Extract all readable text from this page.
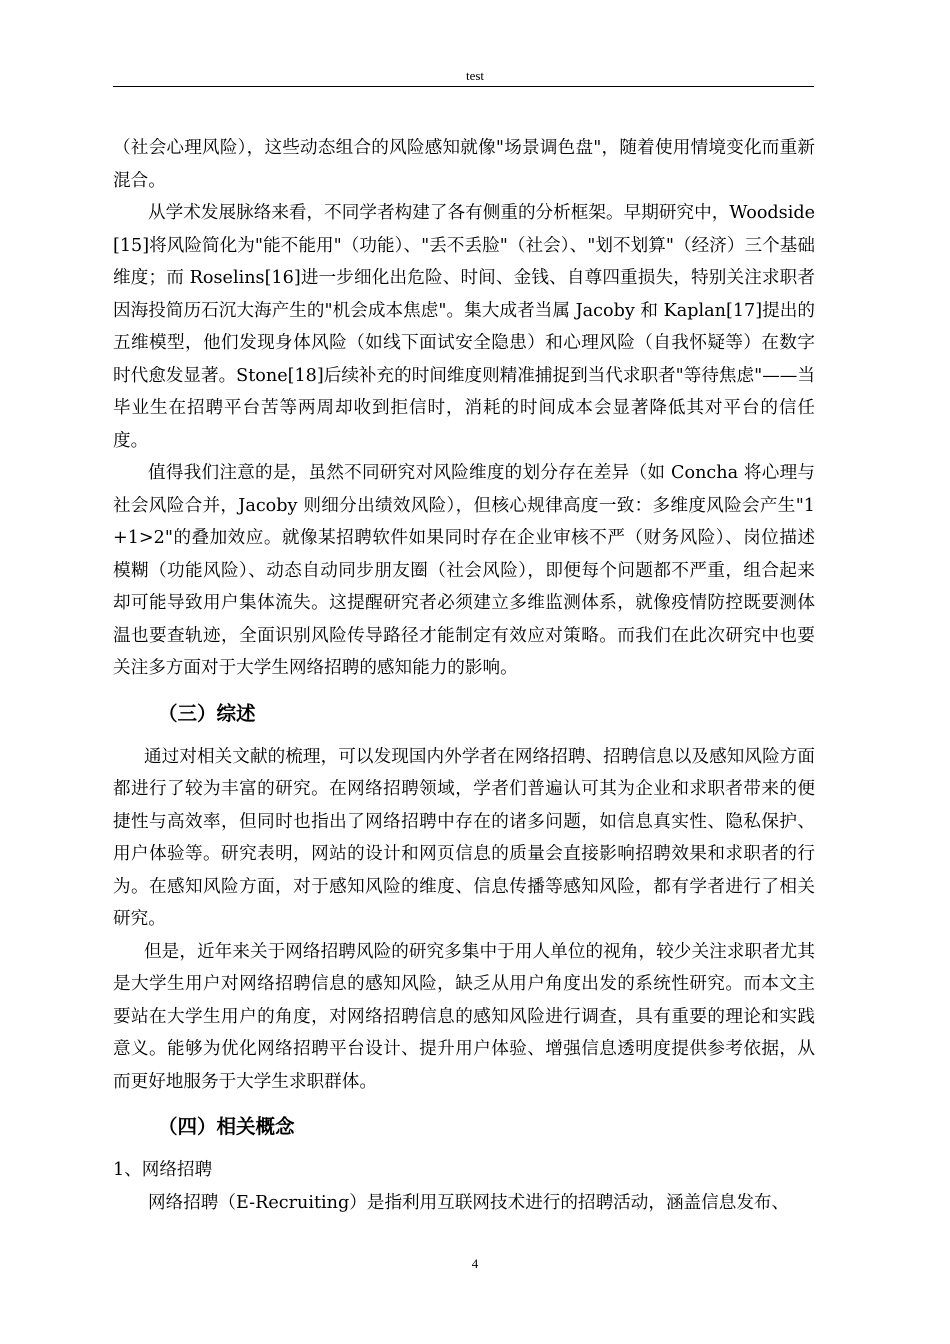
test

（社会心理风险），这些动态组合的风险感知就像"场景调色盘"，随着使用情境变化而重新混合。

从学术发展脉络来看，不同学者构建了各有侧重的分析框架。早期研究中，Woodside[15]将风险简化为"能不能用"（功能）、"丢不丢脸"（社会）、"划不划算"（经济）三个基础维度；而 Roselins[16]进一步细化出危险、时间、金钱、自尊四重损失，特别关注求职者因海投简历石沉大海产生的"机会成本焦虑"。集大成者当属 Jacoby 和 Kaplan[17]提出的五维模型，他们发现身体风险（如线下面试安全隐患）和心理风险（自我怀疑等）在数字时代愈发显著。Stone[18]后续补充的时间维度则精准捕捉到当代求职者"等待焦虑"——当毕业生在招聘平台苦等两周却收到拒信时，消耗的时间成本会显著降低其对平台的信任度。

值得我们注意的是，虽然不同研究对风险维度的划分存在差异（如 Concha 将心理与社会风险合并，Jacoby 则细分出绩效风险），但核心规律高度一致：多维度风险会产生"1+1>2"的叠加效应。就像某招聘软件如果同时存在企业审核不严（财务风险）、岗位描述模糊（功能风险）、动态自动同步朋友圈（社会风险），即便每个问题都不严重，组合起来却可能导致用户集体流失。这提醒研究者必须建立多维监测体系，就像疫情防控既要测体温也要查轨迹，全面识别风险传导路径才能制定有效应对策略。而我们在此次研究中也要关注多方面对于大学生网络招聘的感知能力的影响。

（三）综述

通过对相关文献的梳理，可以发现国内外学者在网络招聘、招聘信息以及感知风险方面都进行了较为丰富的研究。在网络招聘领域，学者们普遍认可其为企业和求职者带来的便捷性与高效率，但同时也指出了网络招聘中存在的诸多问题，如信息真实性、隐私保护、用户体验等。研究表明，网站的设计和网页信息的质量会直接影响招聘效果和求职者的行为。在感知风险方面，对于感知风险的维度、信息传播等感知风险，都有学者进行了相关研究。

但是，近年来关于网络招聘风险的研究多集中于用人单位的视角，较少关注求职者尤其是大学生用户对网络招聘信息的感知风险，缺乏从用户角度出发的系统性研究。而本文主要站在大学生用户的角度，对网络招聘信息的感知风险进行调查，具有重要的理论和实践意义。能够为优化网络招聘平台设计、提升用户体验、增强信息透明度提供参考依据，从而更好地服务于大学生求职群体。

（四）相关概念

1、网络招聘

网络招聘（E-Recruiting）是指利用互联网技术进行的招聘活动，涵盖信息发布、

4
